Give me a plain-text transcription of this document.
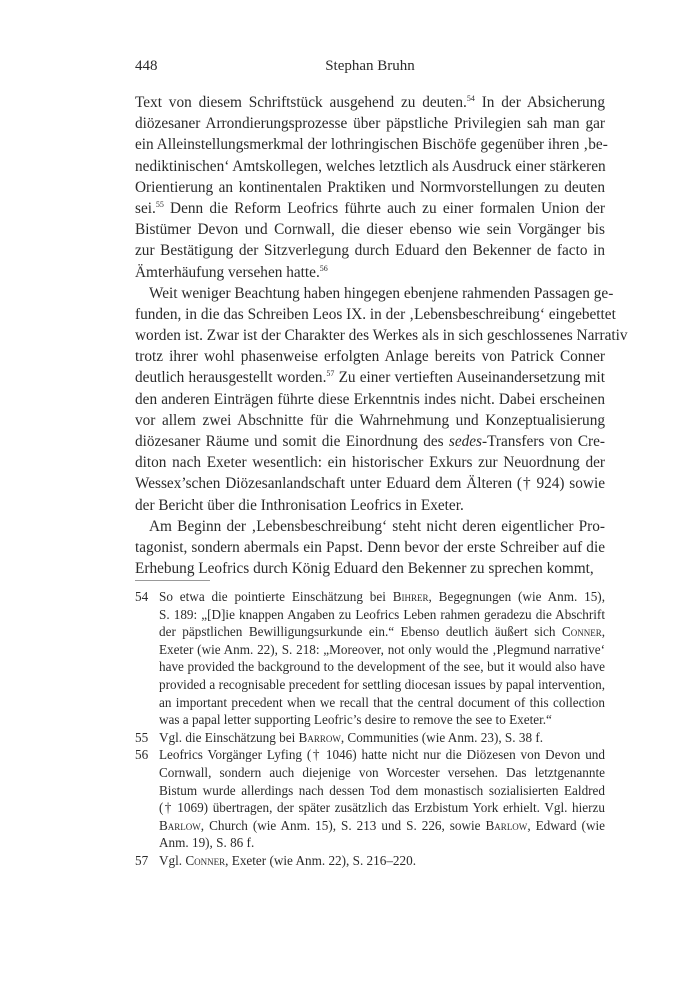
448	Stephan Bruhn
Text von diesem Schriftstück ausgehend zu deuten.$^{54}$ In der Absicherung
diözesaner Arrondierungsprozesse über päpstliche Privilegien sah man gar
ein Alleinstellungsmerkmal der lothringischen Bischöfe gegenüber ihren ‚be-
nediktinischen‘ Amtskollegen, welches letztlich als Ausdruck einer stärkeren
Orientierung an kontinentalen Praktiken und Normvorstellungen zu deuten
sei.$^{55}$ Denn die Reform Leofrics führte auch zu einer formalen Union der
Bistümer Devon und Cornwall, die dieser ebenso wie sein Vorgänger bis
zur Bestätigung der Sitzverlegung durch Eduard den Bekenner de facto in
Ämterhäufung versehen hatte.$^{56}$
Weit weniger Beachtung haben hingegen ebenjene rahmenden Passagen ge-
funden, in die das Schreiben Leos IX. in der ‚Lebensbeschreibung‘ eingebettet
worden ist. Zwar ist der Charakter des Werkes als in sich geschlossenes Narrativ
trotz ihrer wohl phasenweise erfolgten Anlage bereits von Patrick Conner
deutlich herausgestellt worden.$^{57}$ Zu einer vertieften Auseinandersetzung mit
den anderen Einträgen führte diese Erkenntnis indes nicht. Dabei erscheinen
vor allem zwei Abschnitte für die Wahrnehmung und Konzeptualisierung
diözesaner Räume und somit die Einordnung des sedes-Transfers von Cre-
diton nach Exeter wesentlich: ein historischer Exkurs zur Neuordnung der
Wessex’schen Diözesanlandschaft unter Eduard dem Älteren († 924) sowie
der Bericht über die Inthronisation Leofrics in Exeter.
Am Beginn der ‚Lebensbeschreibung‘ steht nicht deren eigentlicher Pro-
tagonist, sondern abermals ein Papst. Denn bevor der erste Schreiber auf die
Erhebung Leofrics durch König Eduard den Bekenner zu sprechen kommt,
54 So etwa die pointierte Einschätzung bei Bihrer, Begegnungen (wie Anm. 15),
S. 189: „[D]ie knappen Angaben zu Leofrics Leben rahmen geradezu die Abschrift
der päpstlichen Bewilligungsurkunde ein.“ Ebenso deutlich äußert sich Conner,
Exeter (wie Anm. 22), S. 218: „Moreover, not only would the ‚Plegmund narrative‘
have provided the background to the development of the see, but it would also have
provided a recognisable precedent for settling diocesan issues by papal intervention,
an important precedent when we recall that the central document of this collection
was a papal letter supporting Leofric’s desire to remove the see to Exeter.“
55 Vgl. die Einschätzung bei Barrow, Communities (wie Anm. 23), S. 38 f.
56 Leofrics Vorgänger Lyfing († 1046) hatte nicht nur die Diözesen von Devon und
Cornwall, sondern auch diejenige von Worcester versehen. Das letztgenannte
Bistum wurde allerdings nach dessen Tod dem monastisch sozialisierten Ealdred
(† 1069) übertragen, der später zusätzlich das Erzbistum York erhielt. Vgl. hierzu
Barlow, Church (wie Anm. 15), S. 213 und S. 226, sowie Barlow, Edward (wie
Anm. 19), S. 86 f.
57 Vgl. Conner, Exeter (wie Anm. 22), S. 216–220.
